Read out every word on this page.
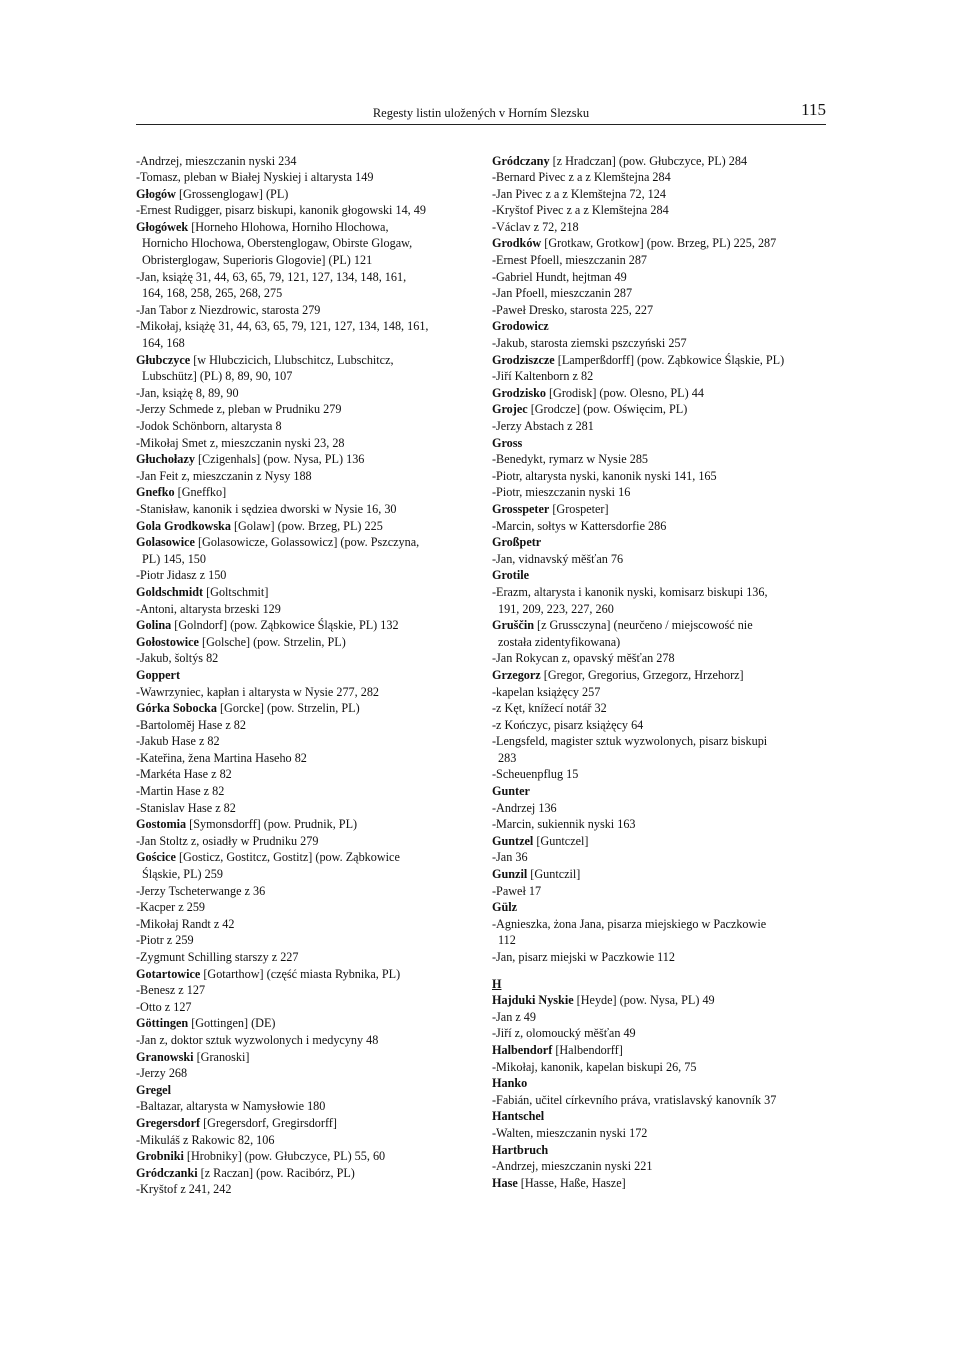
Regesty listin uložených v Horním Slezsku	115
-Andrzej, mieszczanin nyski 234
-Tomasz, pleban w Białej Nyskiej i altarysta 149
Głogów [Grossenglogaw] (PL)
-Ernest Rudigger, pisarz biskupi, kanonik głogowski 14, 49
Głogówek [Horneho Hlohowa, Horniho Hlochowa,
Hornicho Hlochowa, Oberstenglogaw, Obirste Glogaw,
Obristerglogaw, Superioris Glogovie] (PL) 121
-Jan, książę 31, 44, 63, 65, 79, 121, 127, 134, 148, 161,
164, 168, 258, 265, 268, 275
-Jan Tabor z Niezdrowic, starosta 279
-Mikołaj, książę 31, 44, 63, 65, 79, 121, 127, 134, 148, 161,
164, 168
Głubczyce [w Hlubczicich, Llubschitcz, Lubschitcz,
Lubschütz] (PL) 8, 89, 90, 107
-Jan, książę 8, 89, 90
-Jerzy Schmede z, pleban w Prudniku 279
-Jodok Schönborn, altarysta 8
-Mikołaj Smet z, mieszczanin nyski 23, 28
Głuchołazy [Czigenhals] (pow. Nysa, PL) 136
-Jan Feit z, mieszczanin z Nysy 188
Gnefko [Gneffko]
-Stanisław, kanonik i sędziea dworski w Nysie 16, 30
Gola Grodkowska [Golaw] (pow. Brzeg, PL) 225
Golasowice [Golasowicze, Golassowicz] (pow. Pszczyna,
PL) 145, 150
-Piotr Jidasz z 150
Goldschmidt [Goltschmit]
-Antoni, altarysta brzeski 129
Golina [Golndorf] (pow. Ząbkowice Śląskie, PL) 132
Gołostowice [Golsche] (pow. Strzelin, PL)
-Jakub, šoltýs 82
Goppert
-Wawrzyniec, kapłan i altarysta w Nysie 277, 282
Górka Sobocka [Gorcke] (pow. Strzelin, PL)
-Bartoloměj Hase z 82
-Jakub Hase z 82
-Kateřina, žena Martina Haseho 82
-Markéta Hase z 82
-Martin Hase z 82
-Stanislav Hase z 82
Gostomia [Symonsdorff] (pow. Prudnik, PL)
-Jan Stoltz z, osiadły w Prudniku 279
Gościce [Gosticz, Gostitcz, Gostitz] (pow. Ząbkowice
Śląskie, PL) 259
-Jerzy Tscheterwange z 36
-Kacper z 259
-Mikołaj Randt z 42
-Piotr z 259
-Zygmunt Schilling starszy z 227
Gotartowice [Gotarthow] (część miasta Rybnika, PL)
-Benesz z 127
-Otto z 127
Göttingen [Gottingen] (DE)
-Jan z, doktor sztuk wyzwolonych i medycyny 48
Granowski [Granoski]
-Jerzy 268
Gregel
-Baltazar, altarysta w Namysłowie 180
Gregersdorf [Gregersdorf, Gregirsdorff]
-Mikuláš z Rakowic 82, 106
Grobniki [Hrobniky] (pow. Głubczyce, PL) 55, 60
Gródczanki [z Raczan] (pow. Racibórz, PL)
-Kryštof z 241, 242
Gródczany [z Hradczan] (pow. Głubczyce, PL) 284
-Bernard Pivec z a z Klemštejna 284
-Jan Pivec z a z Klemštejna 72, 124
-Kryštof Pivec z a z Klemštejna 284
-Václav z 72, 218
Grodków [Grotkaw, Grotkow] (pow. Brzeg, PL) 225, 287
-Ernest Pfoell, mieszczanin 287
-Gabriel Hundt, hejtman 49
-Jan Pfoell, mieszczanin 287
-Paweł Dresko, starosta 225, 227
Grodowicz
-Jakub, starosta ziemski pszczyński 257
Grodziszcze [Lamperßdorff] (pow. Ząbkowice Śląskie, PL)
-Jiří Kaltenborn z 82
Grodzisko [Grodisk] (pow. Olesno, PL) 44
Grojec [Grodcze] (pow. Oświęcim, PL)
-Jerzy Abstach z 281
Gross
-Benedykt, rymarz w Nysie 285
-Piotr, altarysta nyski, kanonik nyski 141, 165
-Piotr, mieszczanin nyski 16
Grosspeter [Grospeter]
-Marcin, sołtys w Kattersdorfie 286
Großpetr
-Jan, vidnavský měšťan 76
Grotile
-Erazm, altarysta i kanonik nyski, komisarz biskupi 136,
191, 209, 223, 227, 260
Gruščin [z Grussczyna] (neurčeno / miejscowość nie
została zidentyfikowana)
-Jan Rokycan z, opavský měšťan 278
Grzegorz [Gregor, Gregorius, Grzegorz, Hrzehorz]
-kapelan książęcy 257
-z Kęt, knížecí notář 32
-z Kończyc, pisarz książęcy 64
-Lengsfeld, magister sztuk wyzwolonych, pisarz biskupi
283
-Scheuenpflug 15
Gunter
-Andrzej 136
-Marcin, sukiennik nyski 163
Guntzel [Guntczel]
-Jan 36
Gunzil [Guntczil]
-Paweł 17
Gülz
-Agnieszka, żona Jana, pisarza miejskiego w Paczkowie
112
-Jan, pisarz miejski w Paczkowie 112
H
Hajduki Nyskie [Heyde] (pow. Nysa, PL) 49
-Jan z 49
-Jiří z, olomoucký měšťan 49
Halbendorf [Halbendorff]
-Mikołaj, kanonik, kapelan biskupi 26, 75
Hanko
-Fabián, učitel církevního práva, vratislavský kanovník 37
Hantschel
-Walten, mieszczanin nyski 172
Hartbruch
-Andrzej, mieszczanin nyski 221
Hase [Hasse, Haße, Hasze]
